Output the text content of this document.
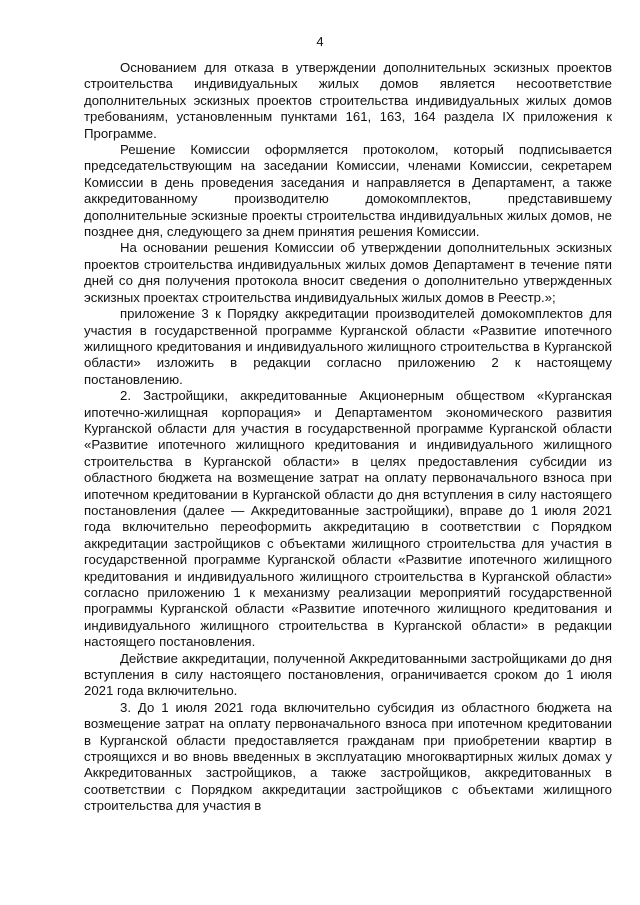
4

Основанием для отказа в утверждении дополнительных эскизных проектов строительства индивидуальных жилых домов является несоответствие дополнительных эскизных проектов строительства индивидуальных жилых домов требованиям, установленным пунктами 161, 163, 164 раздела IX приложения к Программе.

Решение Комиссии оформляется протоколом, который подписывается председательствующим на заседании Комиссии, членами Комиссии, секретарем Комиссии в день проведения заседания и направляется в Департамент, а также аккредитованному производителю домокомплектов, представившему дополнительные эскизные проекты строительства индивидуальных жилых домов, не позднее дня, следующего за днем принятия решения Комиссии.

На основании решения Комиссии об утверждении дополнительных эскизных проектов строительства индивидуальных жилых домов Департамент в течение пяти дней со дня получения протокола вносит сведения о дополнительно утвержденных эскизных проектах строительства индивидуальных жилых домов в Реестр.»;

приложение 3 к Порядку аккредитации производителей домокомплектов для участия в государственной программе Курганской области «Развитие ипотечного жилищного кредитования и индивидуального жилищного строительства в Курганской области» изложить в редакции согласно приложению 2 к настоящему постановлению.

2. Застройщики, аккредитованные Акционерным обществом «Курганская ипотечно-жилищная корпорация» и Департаментом экономического развития Курганской области для участия в государственной программе Курганской области «Развитие ипотечного жилищного кредитования и индивидуального жилищного строительства в Курганской области» в целях предоставления субсидии из областного бюджета на возмещение затрат на оплату первоначального взноса при ипотечном кредитовании в Курганской области до дня вступления в силу настоящего постановления (далее — Аккредитованные застройщики), вправе до 1 июля 2021 года включительно переоформить аккредитацию в соответствии с Порядком аккредитации застройщиков с объектами жилищного строительства для участия в государственной программе Курганской области «Развитие ипотечного жилищного кредитования и индивидуального жилищного строительства в Курганской области» согласно приложению 1 к механизму реализации мероприятий государственной программы Курганской области «Развитие ипотечного жилищного кредитования и индивидуального жилищного строительства в Курганской области» в редакции настоящего постановления.

Действие аккредитации, полученной Аккредитованными застройщиками до дня вступления в силу настоящего постановления, ограничивается сроком до 1 июля 2021 года включительно.

3. До 1 июля 2021 года включительно субсидия из областного бюджета на возмещение затрат на оплату первоначального взноса при ипотечном кредитовании в Курганской области предоставляется гражданам при приобретении квартир в строящихся и во вновь введенных в эксплуатацию многоквартирных жилых домах у Аккредитованных застройщиков, а также застройщиков, аккредитованных в соответствии с Порядком аккредитации застройщиков с объектами жилищного строительства для участия в
